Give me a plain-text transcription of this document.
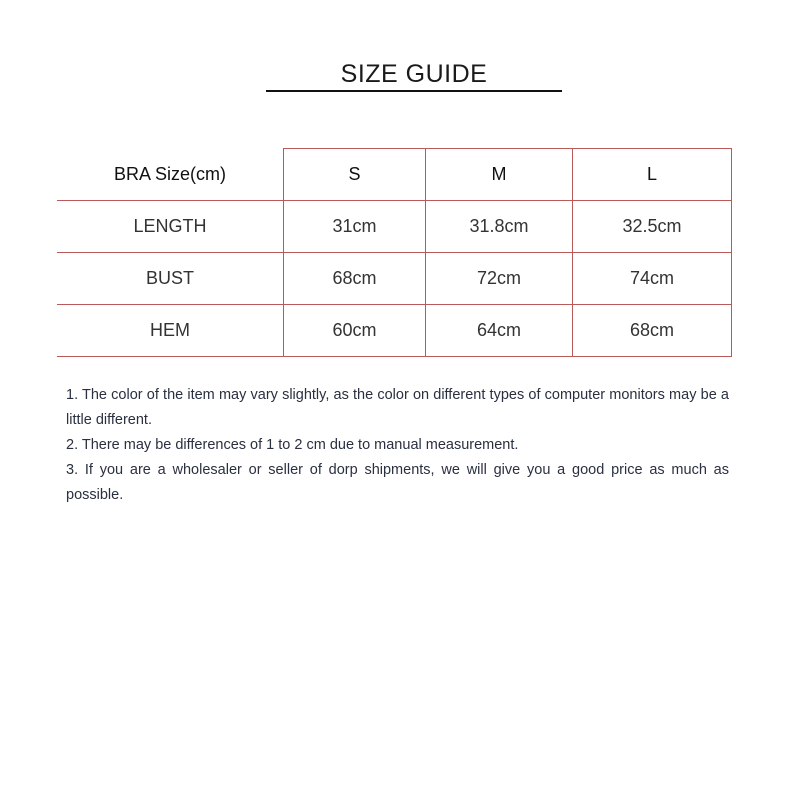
SIZE GUIDE
BRA Size(cm)	S	M	L
LENGTH	31cm	31.8cm	32.5cm
BUST	68cm	72cm	74cm
HEM	60cm	64cm	68cm

1. The color of the item may vary slightly, as the color on different types of computer monitors may be a little different.

2. There may be differences of 1 to 2 cm due to manual measurement.

3. If you are a wholesaler or seller of dorp shipments, we will give you a good price as much as possible.
